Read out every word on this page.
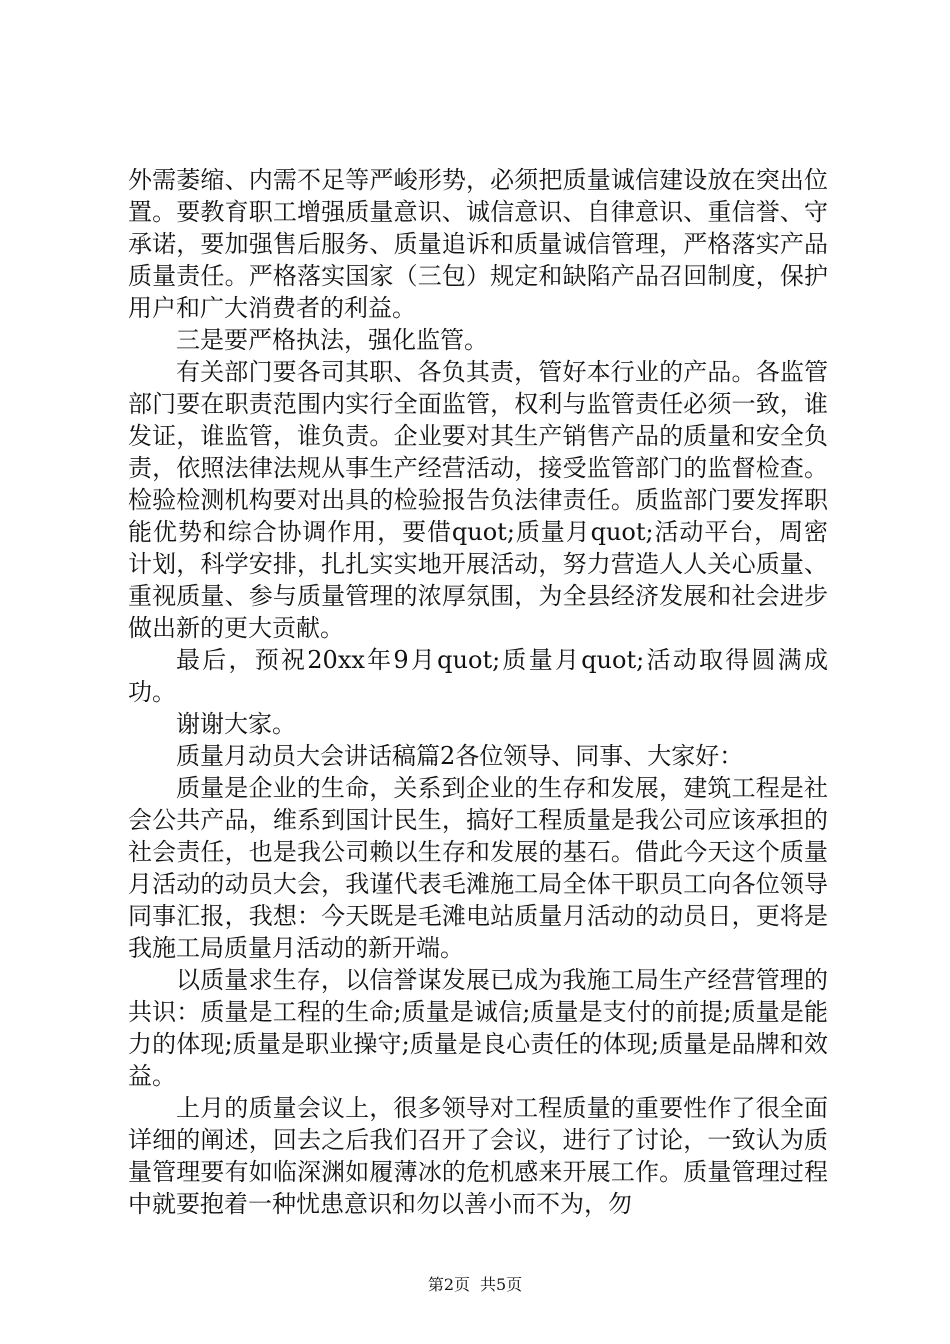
外需萎缩、内需不足等严峻形势，必须把质量诚信建设放在突出位置。要教育职工增强质量意识、诚信意识、自律意识、重信誉、守承诺，要加强售后服务、质量追诉和质量诚信管理，严格落实产品质量责任。严格落实国家（三包）规定和缺陷产品召回制度，保护用户和广大消费者的利益。

三是要严格执法，强化监管。

有关部门要各司其职、各负其责，管好本行业的产品。各监管部门要在职责范围内实行全面监管，权利与监管责任必须一致，谁发证，谁监管，谁负责。企业要对其生产销售产品的质量和安全负责，依照法律法规从事生产经营活动，接受监管部门的监督检查。检验检测机构要对出具的检验报告负法律责任。质监部门要发挥职能优势和综合协调作用，要借quot;质量月quot;活动平台，周密计划，科学安排，扎扎实实地开展活动，努力营造人人关心质量、重视质量、参与质量管理的浓厚氛围，为全县经济发展和社会进步做出新的更大贡献。

最后，预祝20xx年9月quot;质量月quot;活动取得圆满成功。

谢谢大家。

质量月动员大会讲话稿篇2各位领导、同事、大家好：

质量是企业的生命，关系到企业的生存和发展，建筑工程是社会公共产品，维系到国计民生，搞好工程质量是我公司应该承担的社会责任，也是我公司赖以生存和发展的基石。借此今天这个质量月活动的动员大会，我谨代表毛滩施工局全体干职员工向各位领导同事汇报，我想：今天既是毛滩电站质量月活动的动员日，更将是我施工局质量月活动的新开端。

以质量求生存，以信誉谋发展已成为我施工局生产经营管理的共识：质量是工程的生命;质量是诚信;质量是支付的前提;质量是能力的体现;质量是职业操守;质量是良心责任的体现;质量是品牌和效益。

上月的质量会议上，很多领导对工程质量的重要性作了很全面详细的阐述，回去之后我们召开了会议，进行了讨论，一致认为质量管理要有如临深渊如履薄冰的危机感来开展工作。质量管理过程中就要抱着一种忧患意识和勿以善小而不为，勿

第2页 共5页
